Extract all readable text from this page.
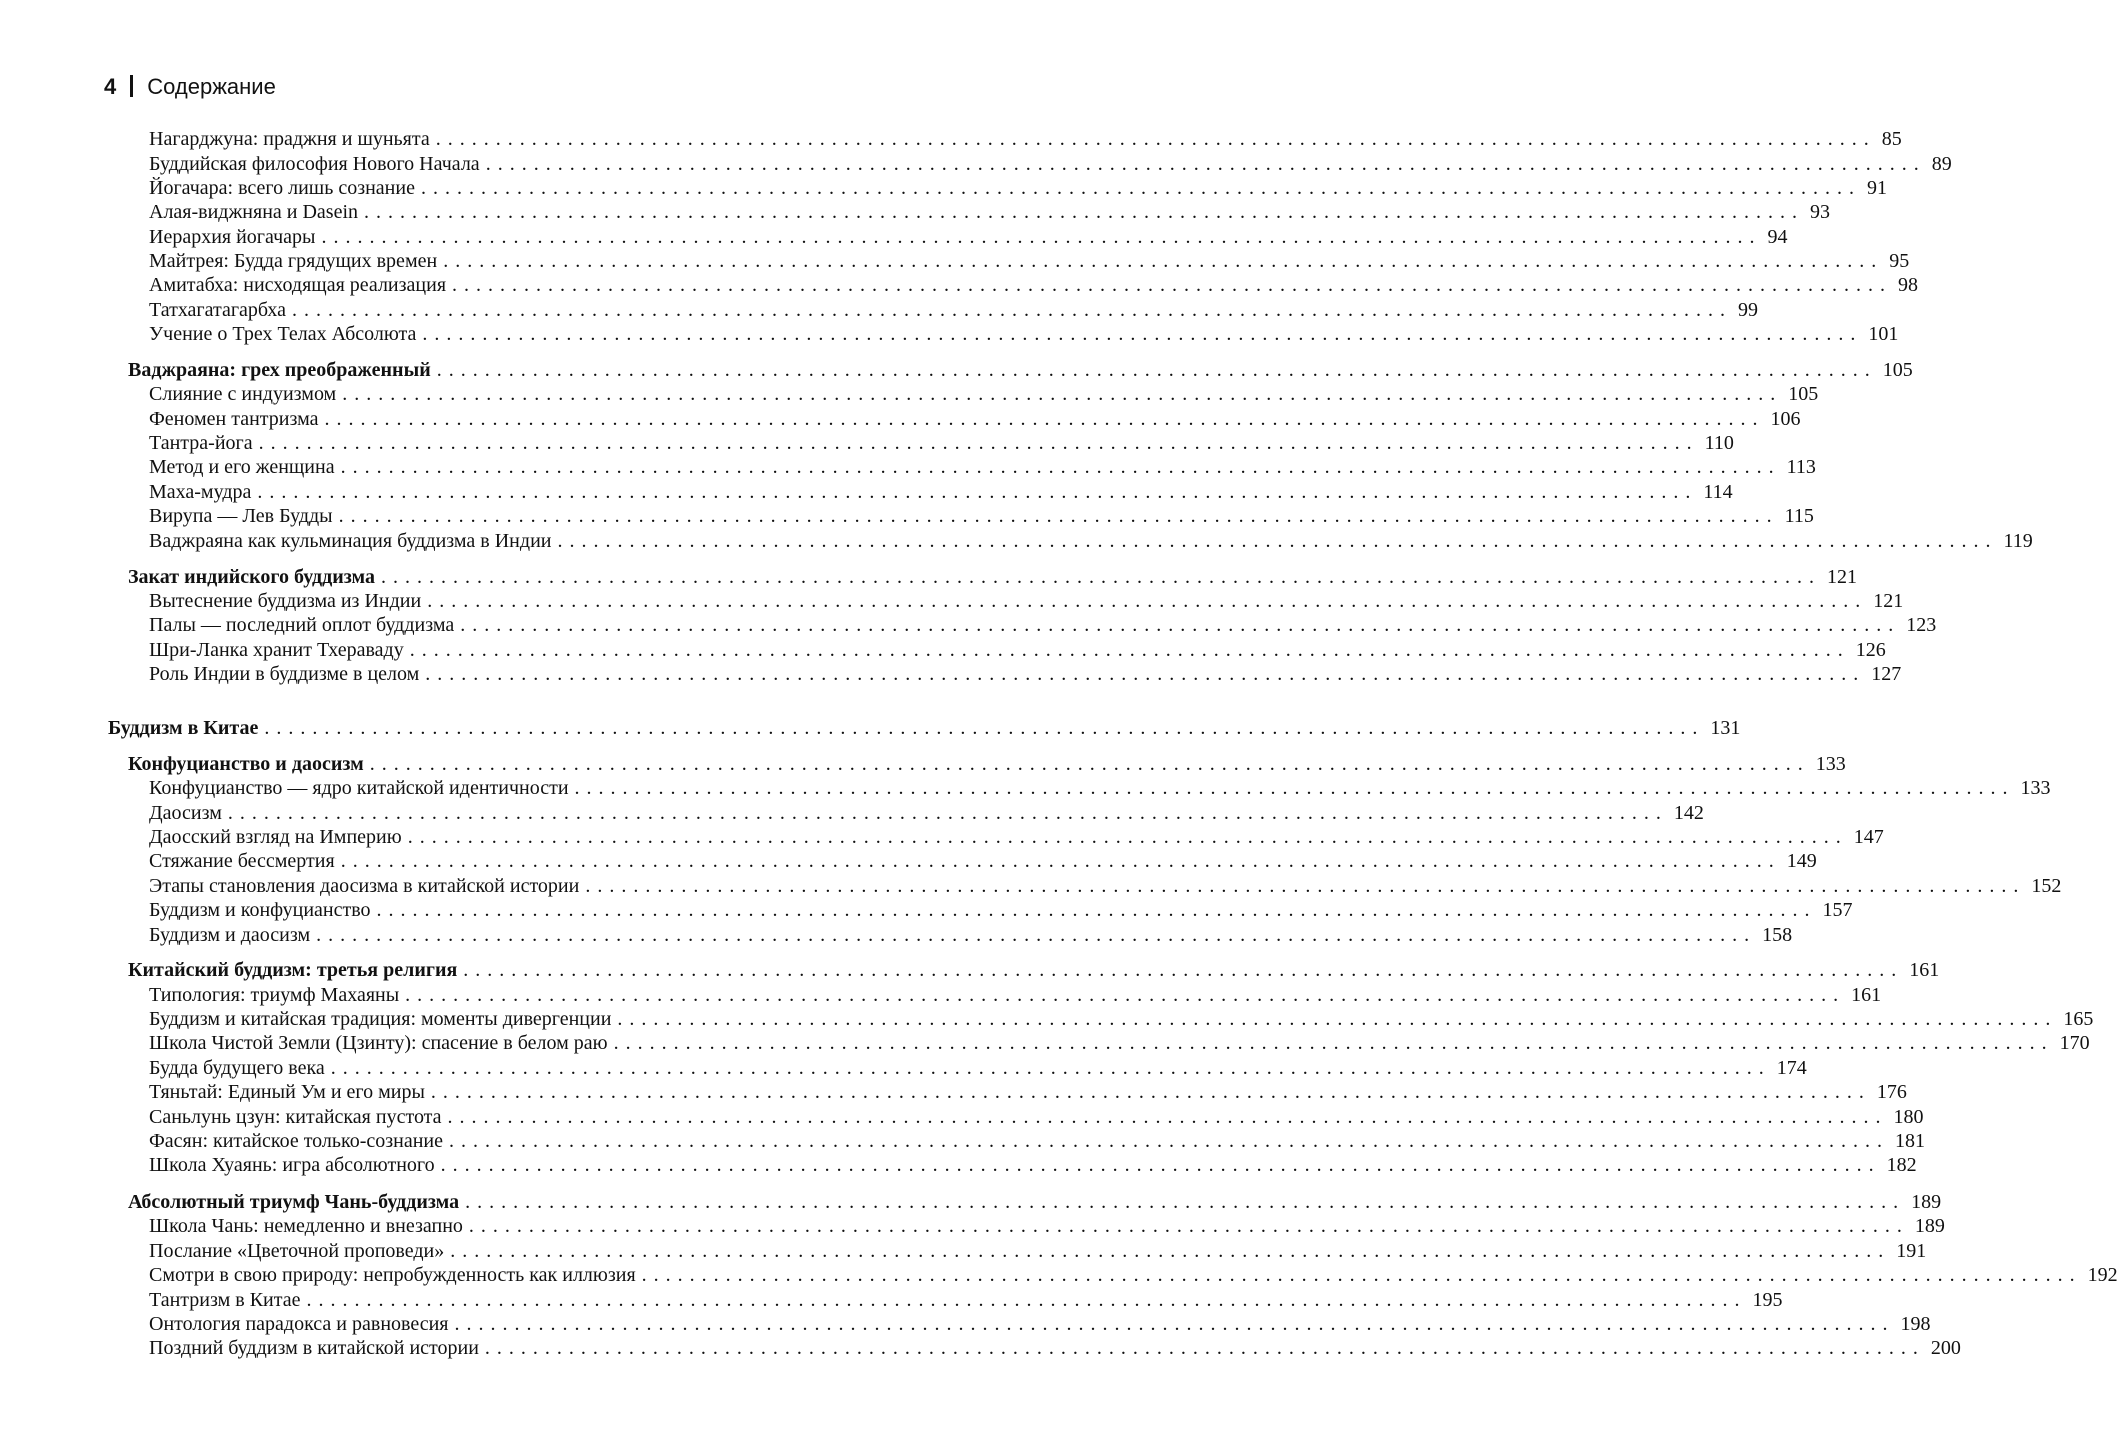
4 Содержание
Нагарджуна: праджня и шуньята ........................................................................................................................ 85
Буддийская философия Нового Начала ........................................................................................................................ 89
Йогачара: всего лишь сознание ........................................................................................................................ 91
Алая-виджняна и Dasein ........................................................................................................................ 93
Иерархия йогачары ........................................................................................................................ 94
Майтрея: Будда грядущих времен ........................................................................................................................ 95
Амитабха: нисходящая реализация ........................................................................................................................ 98
Татхагатагарбха ........................................................................................................................ 99
Учение о Трех Телах Абсолюта ........................................................................................................................ 101
Ваджраяна: грех преображенный ........................................................................................................................ 105
Слияние с индуизмом ........................................................................................................................ 105
Феномен тантризма ........................................................................................................................ 106
Тантра-йога ........................................................................................................................ 110
Метод и его женщина ........................................................................................................................ 113
Маха-мудра ........................................................................................................................ 114
Вирупа — Лев Будды ........................................................................................................................ 115
Ваджраяна как кульминация буддизма в Индии ........................................................................................................................ 119
Закат индийского буддизма ........................................................................................................................ 121
Вытеснение буддизма из Индии ........................................................................................................................ 121
Палы — последний оплот буддизма ........................................................................................................................ 123
Шри-Ланка хранит Тхераваду ........................................................................................................................ 126
Роль Индии в буддизме в целом ........................................................................................................................ 127
Буддизм в Китае ........................................................................................................................ 131
Конфуцианство и даосизм ........................................................................................................................ 133
Конфуцианство — ядро китайской идентичности ........................................................................................................................ 133
Даосизм ........................................................................................................................ 142
Даосский взгляд на Империю ........................................................................................................................ 147
Стяжание бессмертия ........................................................................................................................ 149
Этапы становления даосизма в китайской истории ........................................................................................................................ 152
Буддизм и конфуцианство ........................................................................................................................ 157
Буддизм и даосизм ........................................................................................................................ 158
Китайский буддизм: третья религия ........................................................................................................................ 161
Типология: триумф Махаяны ........................................................................................................................ 161
Буддизм и китайская традиция: моменты дивергенции ........................................................................................................................ 165
Школа Чистой Земли (Цзинту): спасение в белом раю ........................................................................................................................ 170
Будда будущего века ........................................................................................................................ 174
Тяньтай: Единый Ум и его миры ........................................................................................................................ 176
Саньлунь цзун: китайская пустота ........................................................................................................................ 180
Фасян: китайское только-сознание ........................................................................................................................ 181
Школа Хуаянь: игра абсолютного ........................................................................................................................ 182
Абсолютный триумф Чань-буддизма ........................................................................................................................ 189
Школа Чань: немедленно и внезапно ........................................................................................................................ 189
Послание «Цветочной проповеди» ........................................................................................................................ 191
Смотри в свою природу: непробужденность как иллюзия ........................................................................................................................ 192
Тантризм в Китае ........................................................................................................................ 195
Онтология парадокса и равновесия ........................................................................................................................ 198
Поздний буддизм в китайской истории ........................................................................................................................ 200
